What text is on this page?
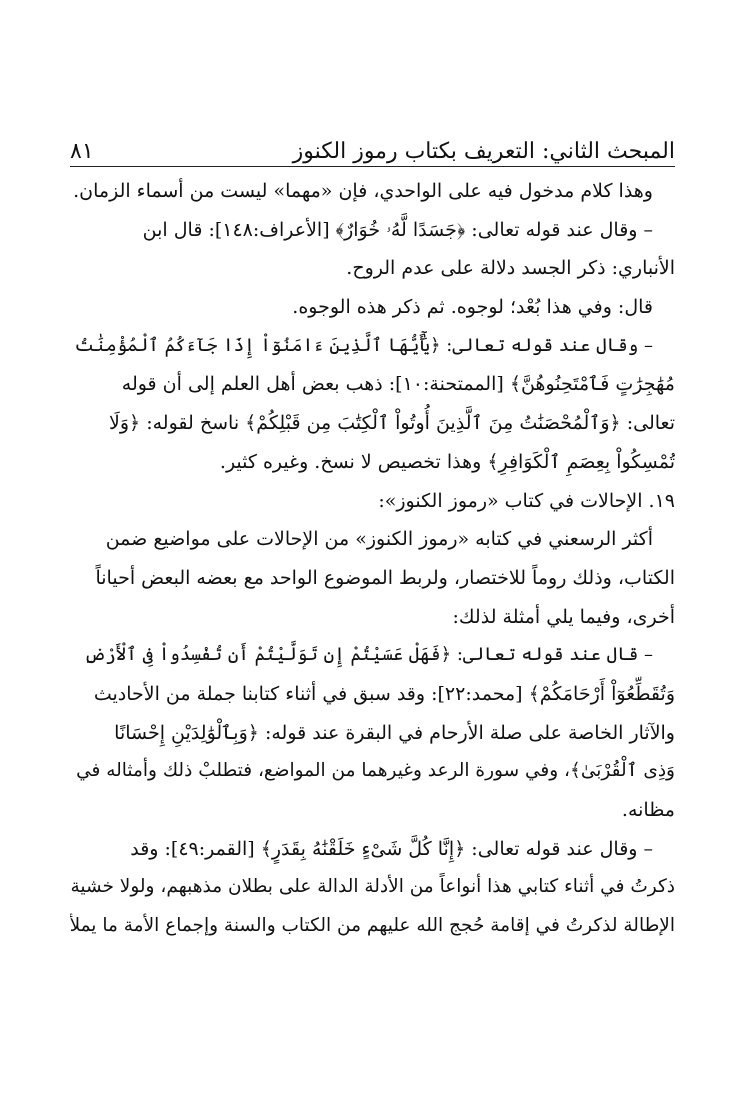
المبحث الثاني: التعريف بكتاب رموز الكنوز
٨١
وهذا كلام مدخول فيه على الواحدي، فإن «مهما» ليست من أسماء الزمان.
– وقال عند قوله تعالى: ﴿جَسَدًا لَّهُۥ خُوَارٌ﴾ [الأعراف:١٤٨]: قال ابن
الأنباري: ذكر الجسد دلالة على عدم الروح.
قال: وفي هذا بُعْد؛ لوجوه. ثم ذكر هذه الوجوه.
– وقال عند قوله تعالى: ﴿يَٰٓأَيُّهَا ٱلَّذِينَ ءَامَنُوٓاْ إِذَا جَآءَكُمُ ٱلْمُؤْمِنَٰتُ
مُهَٰجِرَٰتٍ فَٱمْتَحِنُوهُنَّ﴾ [الممتحنة:١٠]: ذهب بعض أهل العلم إلى أن قوله
تعالى: ﴿وَٱلْمُحْصَنَٰتُ مِنَ ٱلَّذِينَ أُوتُواْ ٱلْكِتَٰبَ مِن قَبْلِكُمْ﴾ ناسخ لقوله: ﴿وَلَا
تُمْسِكُواْ بِعِصَمِ ٱلْكَوَافِرِ﴾ وهذا تخصيص لا نسخ. وغيره كثير.
١٩. الإحالات في كتاب «رموز الكنوز»:
أكثر الرسعني في كتابه «رموز الكنوز» من الإحالات على مواضيع ضمن
الكتاب، وذلك روماً للاختصار، ولربط الموضوع الواحد مع بعضه البعض أحياناً
أخرى، وفيما يلي أمثلة لذلك:
– قال عند قوله تعالى: ﴿فَهَلْ عَسَيْتُمْ إِن تَوَلَّيْتُمْ أَن تُفْسِدُواْ فِى ٱلْأَرْضِ
وَتُقَطِّعُوٓاْ أَرْحَامَكُمْ﴾ [محمد:٢٢]: وقد سبق في أثناء كتابنا جملة من الأحاديث
والآثار الخاصة على صلة الأرحام في البقرة عند قوله: ﴿وَبِٱلْوَٰلِدَيْنِ إِحْسَانًا
وَذِى ٱلْقُرْبَىٰ﴾، وفي سورة الرعد وغيرهما من المواضع، فتطلبْ ذلك وأمثاله في
مظانه.
– وقال عند قوله تعالى: ﴿إِنَّا كُلَّ شَىْءٍ خَلَقْنَٰهُ بِقَدَرٍ﴾ [القمر:٤٩]: وقد
ذكرتُ في أثناء كتابي هذا أنواعاً من الأدلة الدالة على بطلان مذهبهم، ولولا خشية
الإطالة لذكرتُ في إقامة حُجج الله عليهم من الكتاب والسنة وإجماع الأمة ما يملأ
